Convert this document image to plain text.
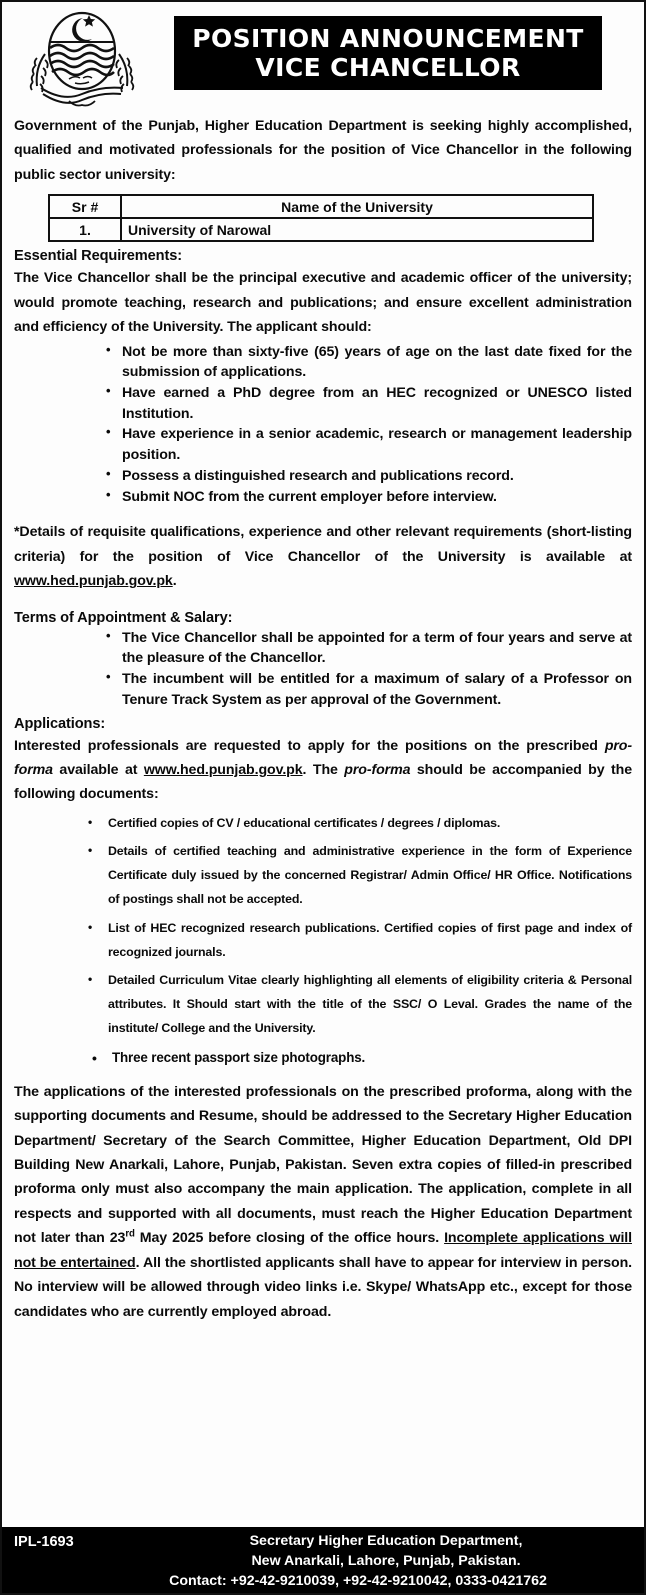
POSITION ANNOUNCEMENT
VICE CHANCELLOR

Government of the Punjab, Higher Education Department is seeking highly accomplished, qualified and motivated professionals for the position of Vice Chancellor in the following public sector university:

Sr #	Name of the University
1.	University of Narowal
Essential Requirements:

The Vice Chancellor shall be the principal executive and academic officer of the university; would promote teaching, research and publications; and ensure excellent administration and efficiency of the University. The applicant should:

• Not be more than sixty-five (65) years of age on the last date fixed for the submission of applications.
• Have earned a PhD degree from an HEC recognized or UNESCO listed Institution.
• Have experience in a senior academic, research or management leadership position.
• Possess a distinguished research and publications record.
• Submit NOC from the current employer before interview.

*Details of requisite qualifications, experience and other relevant requirements (short-listing criteria) for the position of Vice Chancellor of the University is available at www.hed.punjab.gov.pk.

Terms of Appointment & Salary:
• The Vice Chancellor shall be appointed for a term of four years and serve at the pleasure of the Chancellor.
• The incumbent will be entitled for a maximum of salary of a Professor on Tenure Track System as per approval of the Government.
Applications:

Interested professionals are requested to apply for the positions on the prescribed pro-forma available at www.hed.punjab.gov.pk. The pro-forma should be accompanied by the following documents:

• Certified copies of CV / educational certificates / degrees / diplomas.
• Details of certified teaching and administrative experience in the form of Experience Certificate duly issued by the concerned Registrar/ Admin Office/ HR Office. Notifications of postings shall not be accepted.
• List of HEC recognized research publications. Certified copies of first page and index of recognized journals.
• Detailed Curriculum Vitae clearly highlighting all elements of eligibility criteria & Personal attributes. It Should start with the title of the SSC/ O Leval. Grades the name of the institute/ College and the University.
• Three recent passport size photographs.

The applications of the interested professionals on the prescribed proforma, along with the supporting documents and Resume, should be addressed to the Secretary Higher Education Department/ Secretary of the Search Committee, Higher Education Department, Old DPI Building New Anarkali, Lahore, Punjab, Pakistan. Seven extra copies of filled-in prescribed proforma only must also accompany the main application. The application, complete in all respects and supported with all documents, must reach the Higher Education Department not later than 23rd May 2025 before closing of the office hours. Incomplete applications will not be entertained. All the shortlisted applicants shall have to appear for interview in person. No interview will be allowed through video links i.e. Skype/ WhatsApp etc., except for those candidates who are currently employed abroad.

IPL-1693	Secretary Higher Education Department,
New Anarkali, Lahore, Punjab, Pakistan.
Contact: +92-42-9210039, +92-42-9210042, 0333-0421762
